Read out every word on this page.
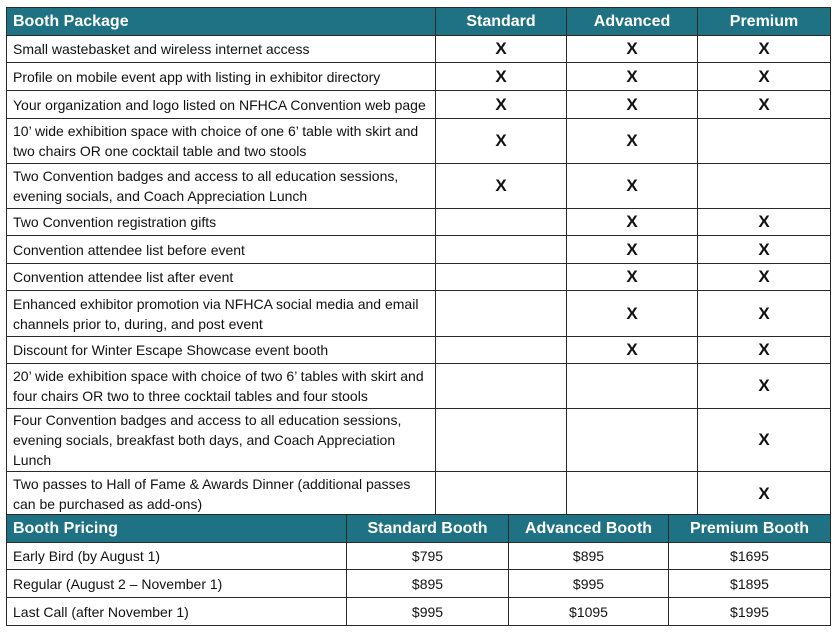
Booth Package	Standard	Advanced	Premium
Small wastebasket and wireless internet access	X	X	X
Profile on mobile event app with listing in exhibitor directory	X	X	X
Your organization and logo listed on NFHCA Convention web page	X	X	X
10’ wide exhibition space with choice of one 6’ table with skirt and two chairs OR one cocktail table and two stools	X	X	
Two Convention badges and access to all education sessions, evening socials, and Coach Appreciation Lunch	X	X	
Two Convention registration gifts		X	X
Convention attendee list before event		X	X
Convention attendee list after event		X	X
Enhanced exhibitor promotion via NFHCA social media and email channels prior to, during, and post event		X	X
Discount for Winter Escape Showcase event booth		X	X
20’ wide exhibition space with choice of two 6’ tables with skirt and four chairs OR two to three cocktail tables and four stools			X
Four Convention badges and access to all education sessions, evening socials, breakfast both days, and Coach Appreciation Lunch			X
Two passes to Hall of Fame & Awards Dinner (additional passes can be purchased as add-ons)			X
Booth Pricing	Standard Booth	Advanced Booth	Premium Booth
Early Bird (by August 1)	$795	$895	$1695
Regular (August 2 – November 1)	$895	$995	$1895
Last Call (after November 1)	$995	$1095	$1995
